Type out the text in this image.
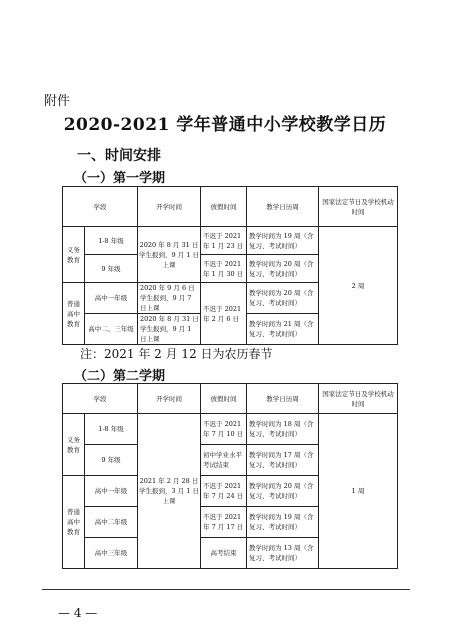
附件
2020-2021 学年普通中小学校教学日历
一、时间安排
（一）第一学期
学段		开学时间	放假时间	教学日历周	国家法定节日及学校机动时间
义务教育	1-8 年级	2020 年 8 月 31 日学生报到，9 月 1 日上课	不迟于 2021 年 1 月 23 日	教学时间为 19 周（含复习、考试时间）	2 周
	9 年级		不迟于 2021 年 1 月 30 日	教学时间为 20 周（含复习、考试时间）	
普通高中教育	高中一年级	2020 年 9 月 6 日学生报到，9 月 7 日上课	不迟于 2021 年 2 月 6 日	教学时间为 20 周（含复习、考试时间）	
	高中二、三年级	2020 年 8 月 31 日学生报到，9 月 1 日上课		教学时间为 21 周（含复习、考试时间）	
注：2021 年 2 月 12 日为农历春节
（二）第二学期
学段		开学时间	放假时间	教学日历周	国家法定节日及学校机动时间
义务教育	1-8 年级	2021 年 2 月 28 日学生报到，3 月 1 日上课	不迟于 2021 年 7 月 10 日	教学时间为 18 周（含复习、考试时间）	1 周
	9 年级		初中学业水平考试结束	教学时间为 17 周（含复习、考试时间）	
普通高中教育	高中一年级		不迟于 2021 年 7 月 24 日	教学时间为 20 周（含复习、考试时间）	
	高中二年级		不迟于 2021 年 7 月 17 日	教学时间为 19 周（含复习、考试时间）	
	高中三年级		高考结束	教学时间为 13 周（含复习、考试时间）	
— 4 —
